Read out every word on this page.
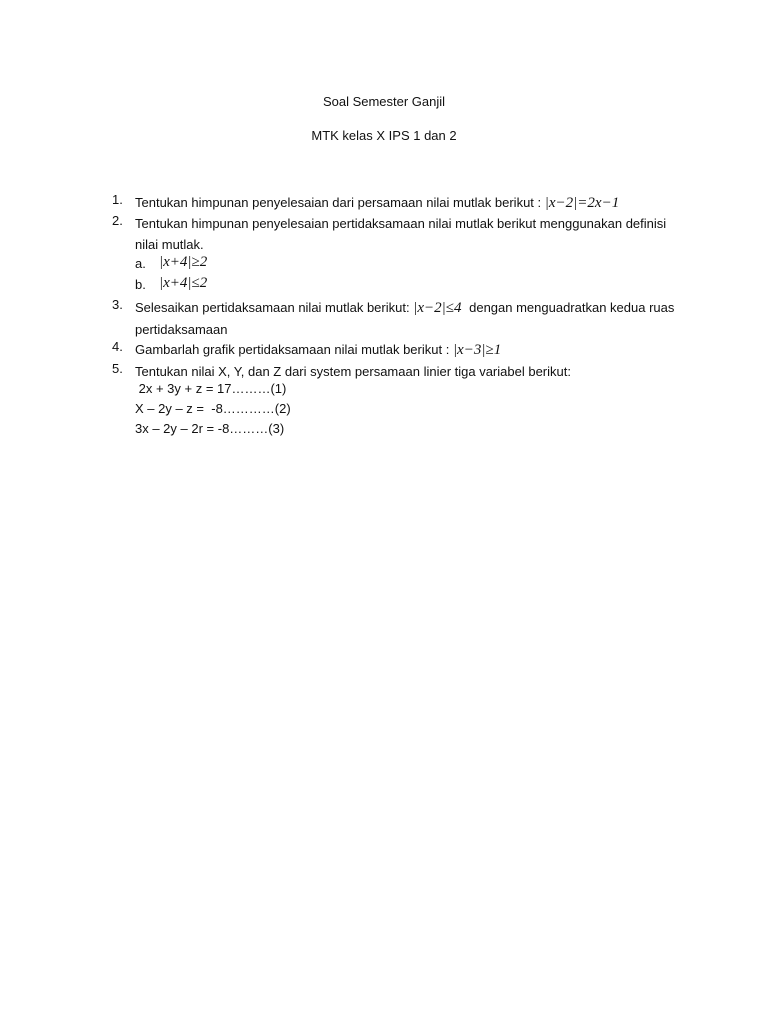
Soal Semester Ganjil
MTK kelas X IPS 1 dan 2
1. Tentukan himpunan penyelesaian dari persamaan nilai mutlak berikut : |x−2|=2x−1
2. Tentukan himpunan penyelesaian pertidaksamaan nilai mutlak berikut menggunakan definisi
nilai mutlak.
a. |x+4|≥2
b. |x+4|≤2
3. Selesaikan pertidaksamaan nilai mutlak berikut: |x−2|≤4 dengan menguadratkan kedua ruas
pertidaksamaan
4. Gambarlah grafik pertidaksamaan nilai mutlak berikut : |x−3|≥1
5. Tentukan nilai X, Y, dan Z dari system persamaan linier tiga variabel berikut:
2x + 3y + z = 17………(1)
X – 2y – z =  -8…………(2)
3x – 2y – 2r = -8………(3)
